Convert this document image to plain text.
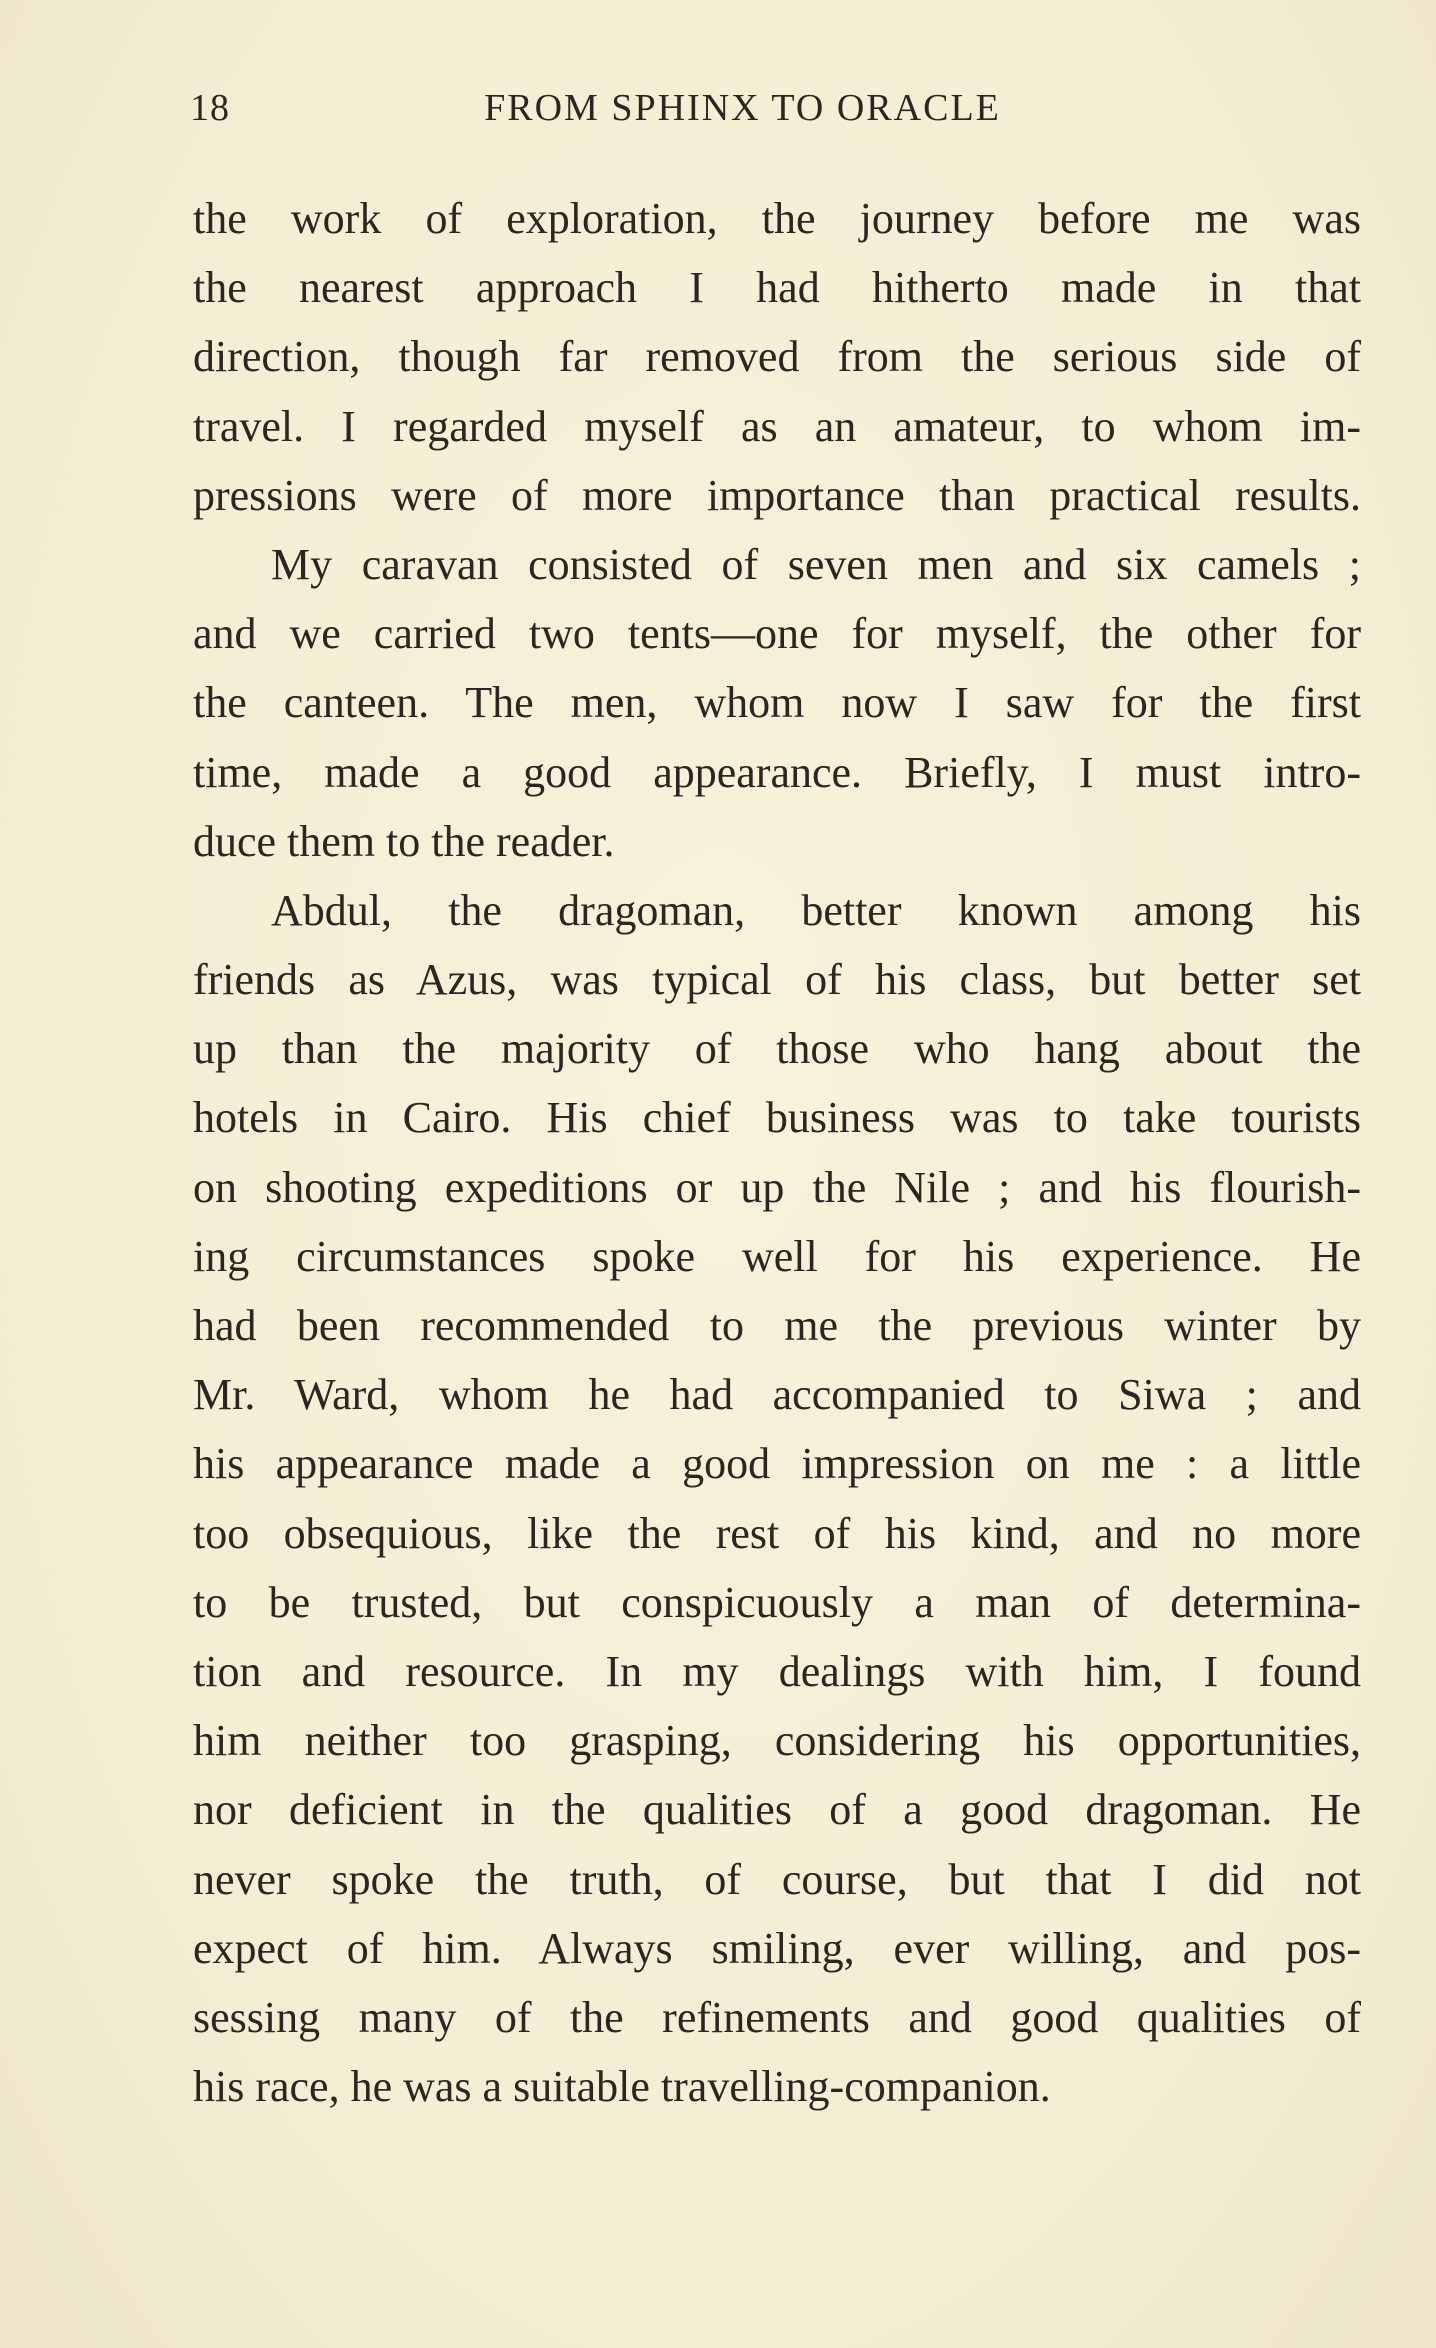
18	FROM SPHINX TO ORACLE
the work of exploration, the journey before me was
the nearest approach I had hitherto made in that
direction, though far removed from the serious side of
travel. I regarded myself as an amateur, to whom im-
pressions were of more importance than practical results.
My caravan consisted of seven men and six camels ;
and we carried two tents—one for myself, the other for
the canteen. The men, whom now I saw for the first
time, made a good appearance. Briefly, I must intro-
duce them to the reader.
Abdul, the dragoman, better known among his
friends as Azus, was typical of his class, but better set
up than the majority of those who hang about the
hotels in Cairo. His chief business was to take tourists
on shooting expeditions or up the Nile ; and his flourish-
ing circumstances spoke well for his experience. He
had been recommended to me the previous winter by
Mr. Ward, whom he had accompanied to Siwa ; and
his appearance made a good impression on me : a little
too obsequious, like the rest of his kind, and no more
to be trusted, but conspicuously a man of determina-
tion and resource. In my dealings with him, I found
him neither too grasping, considering his opportunities,
nor deficient in the qualities of a good dragoman. He
never spoke the truth, of course, but that I did not
expect of him. Always smiling, ever willing, and pos-
sessing many of the refinements and good qualities of
his race, he was a suitable travelling-companion.
